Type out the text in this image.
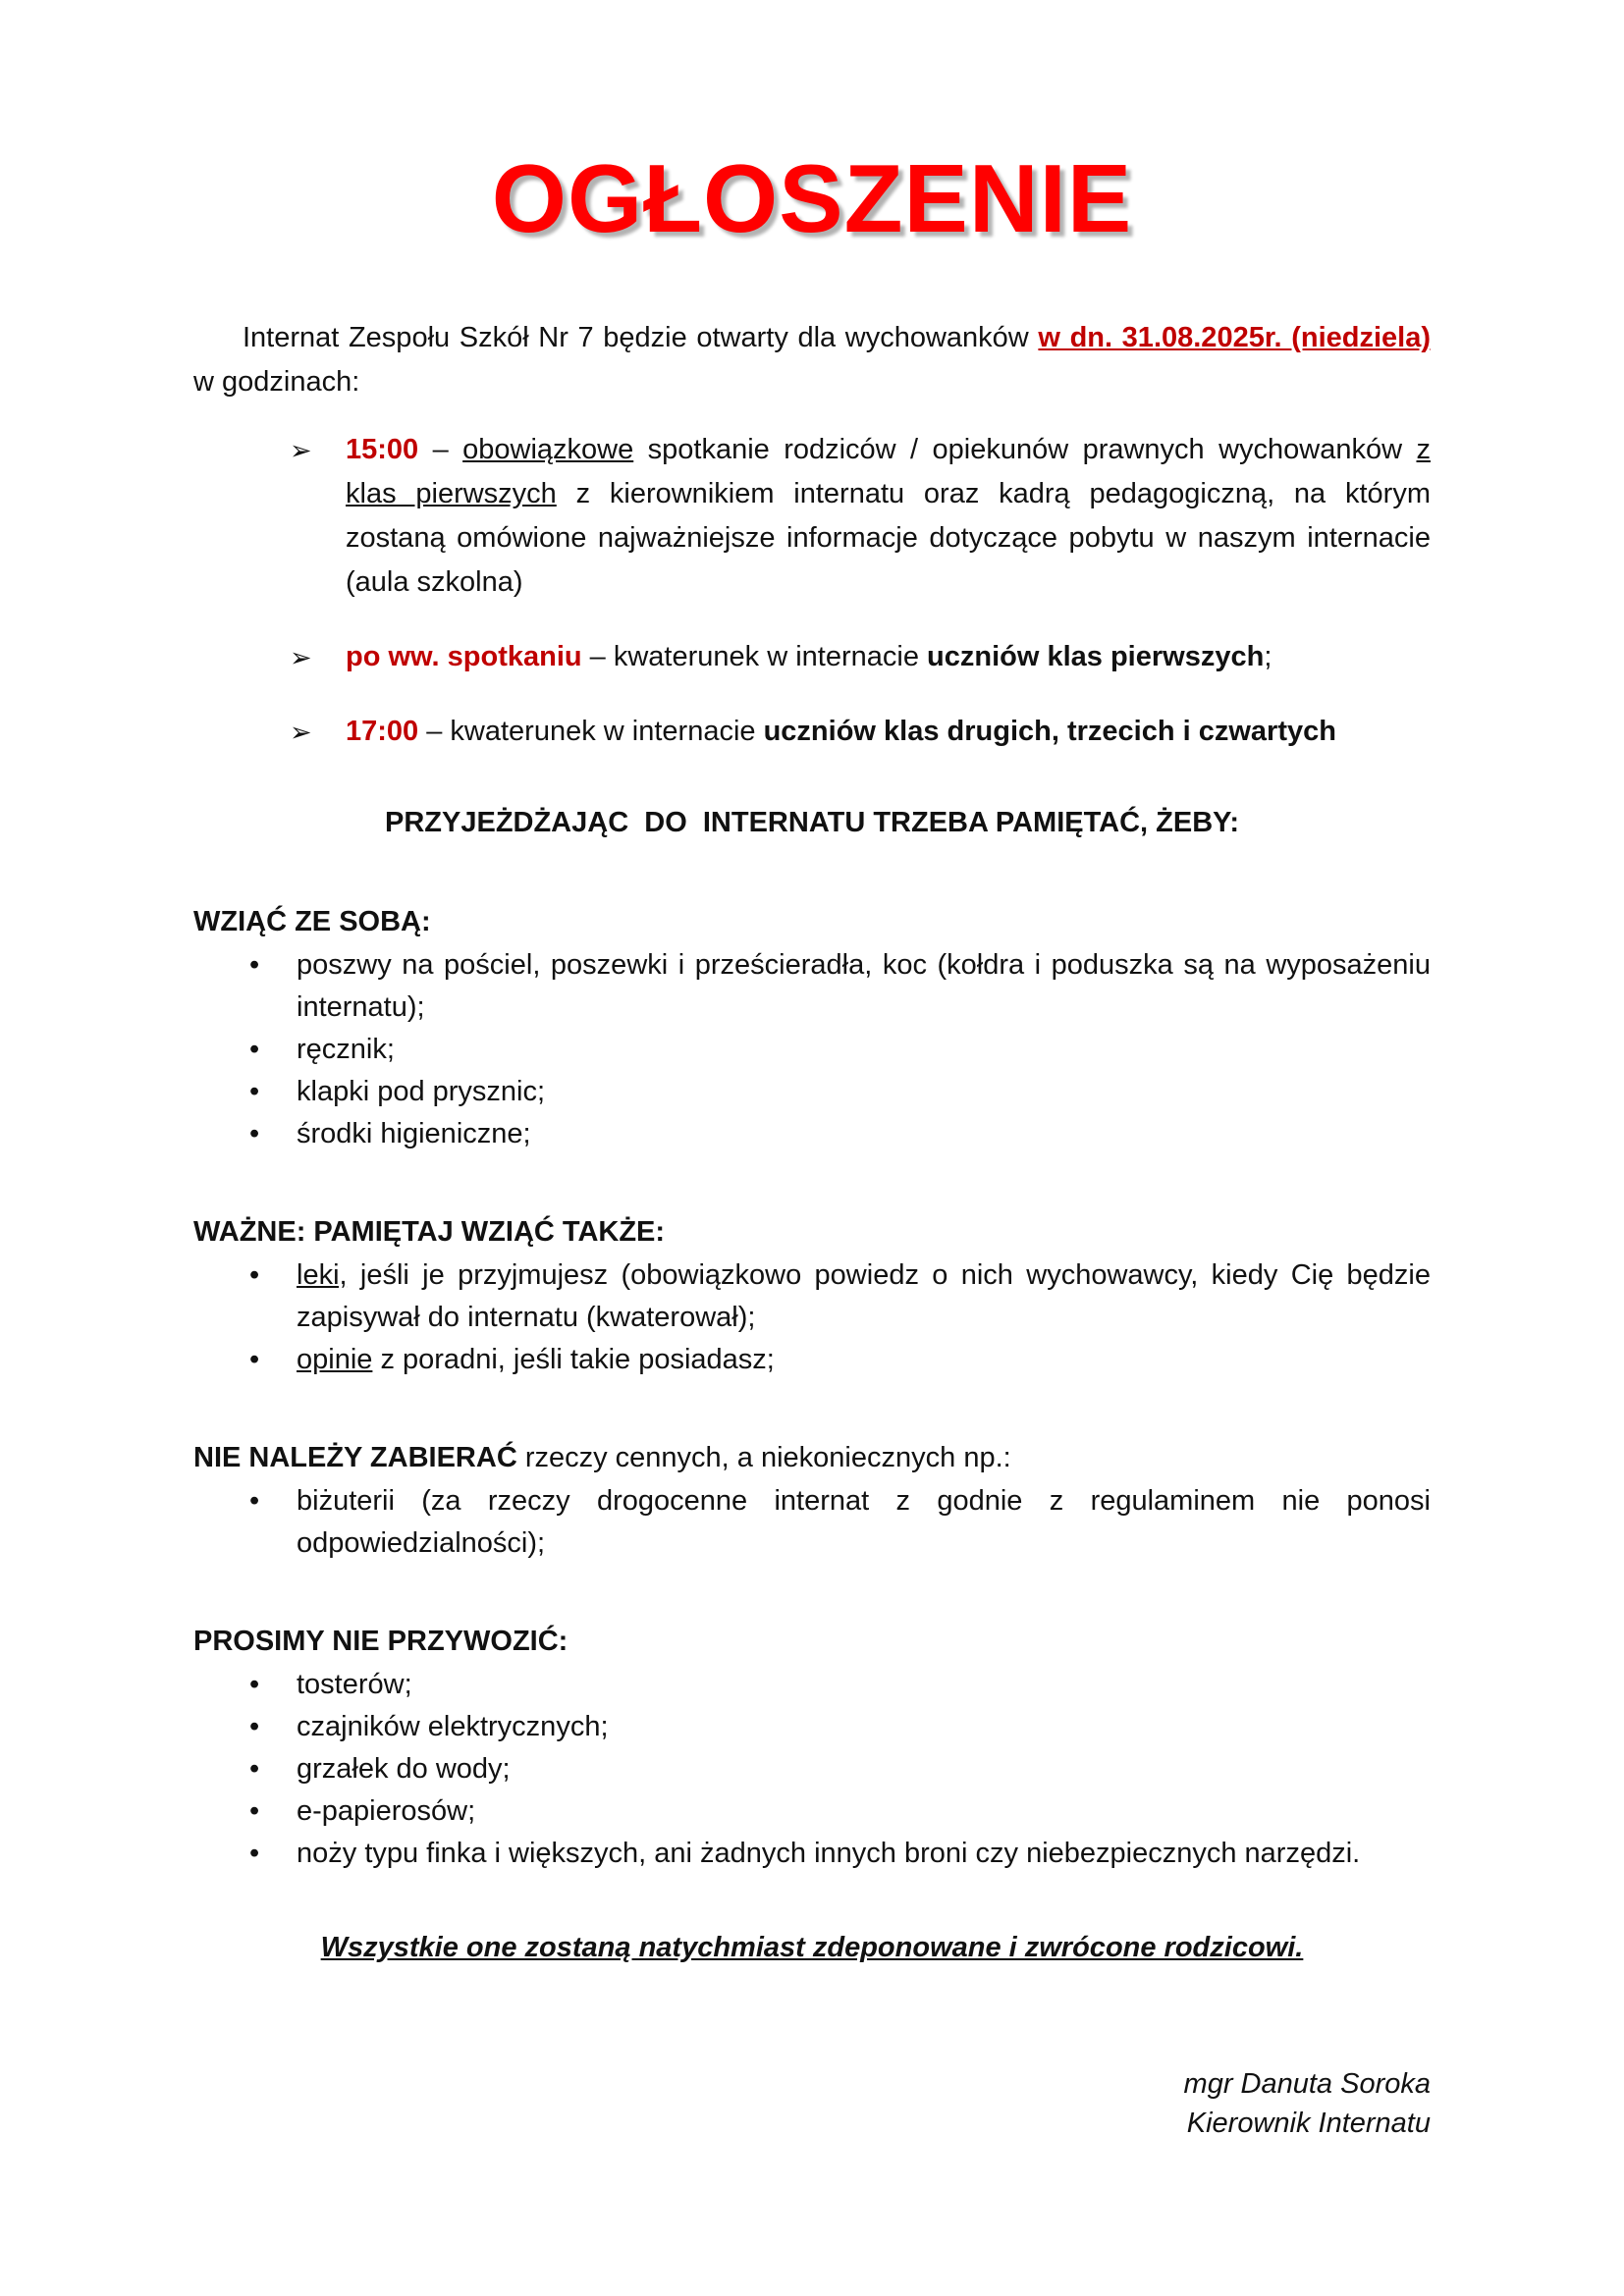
OGŁOSZENIE

Internat Zespołu Szkół Nr 7 będzie otwarty dla wychowanków w dn. 31.08.2025r. (niedziela) w godzinach:

➢ 15:00 – obowiązkowe spotkanie rodziców / opiekunów prawnych wychowanków z klas pierwszych z kierownikiem internatu oraz kadrą pedagogiczną, na którym zostaną omówione najważniejsze informacje dotyczące pobytu w naszym internacie (aula szkolna)
➢ po ww. spotkaniu – kwaterunek w internacie uczniów klas pierwszych;
➢ 17:00 – kwaterunek w internacie uczniów klas drugich, trzecich i czwartych

PRZYJEŻDŻAJĄC  DO  INTERNATU TRZEBA PAMIĘTAĆ, ŻEBY:

WZIĄĆ ZE SOBĄ:

• poszwy na pościel, poszewki i prześcieradła, koc (kołdra i poduszka są na wyposażeniu internatu);
• ręcznik;
• klapki pod prysznic;
• środki higieniczne;

WAŻNE: PAMIĘTAJ WZIĄĆ TAKŻE:

• leki, jeśli je przyjmujesz (obowiązkowo powiedz o nich wychowawcy, kiedy Cię będzie zapisywał do internatu (kwaterował);
• opinie z poradni, jeśli takie posiadasz;

NIE NALEŻY ZABIERAĆ rzeczy cennych, a niekoniecznych np.:

• biżuterii (za rzeczy drogocenne internat z godnie z regulaminem nie ponosi odpowiedzialności);

PROSIMY NIE PRZYWOZIĆ:

• tosterów;
• czajników elektrycznych;
• grzałek do wody;
• e-papierosów;
• noży typu finka i większych, ani żadnych innych broni czy niebezpiecznych narzędzi.

Wszystkie one zostaną natychmiast zdeponowane i zwrócone rodzicowi.

mgr Danuta Soroka
Kierownik Internatu
